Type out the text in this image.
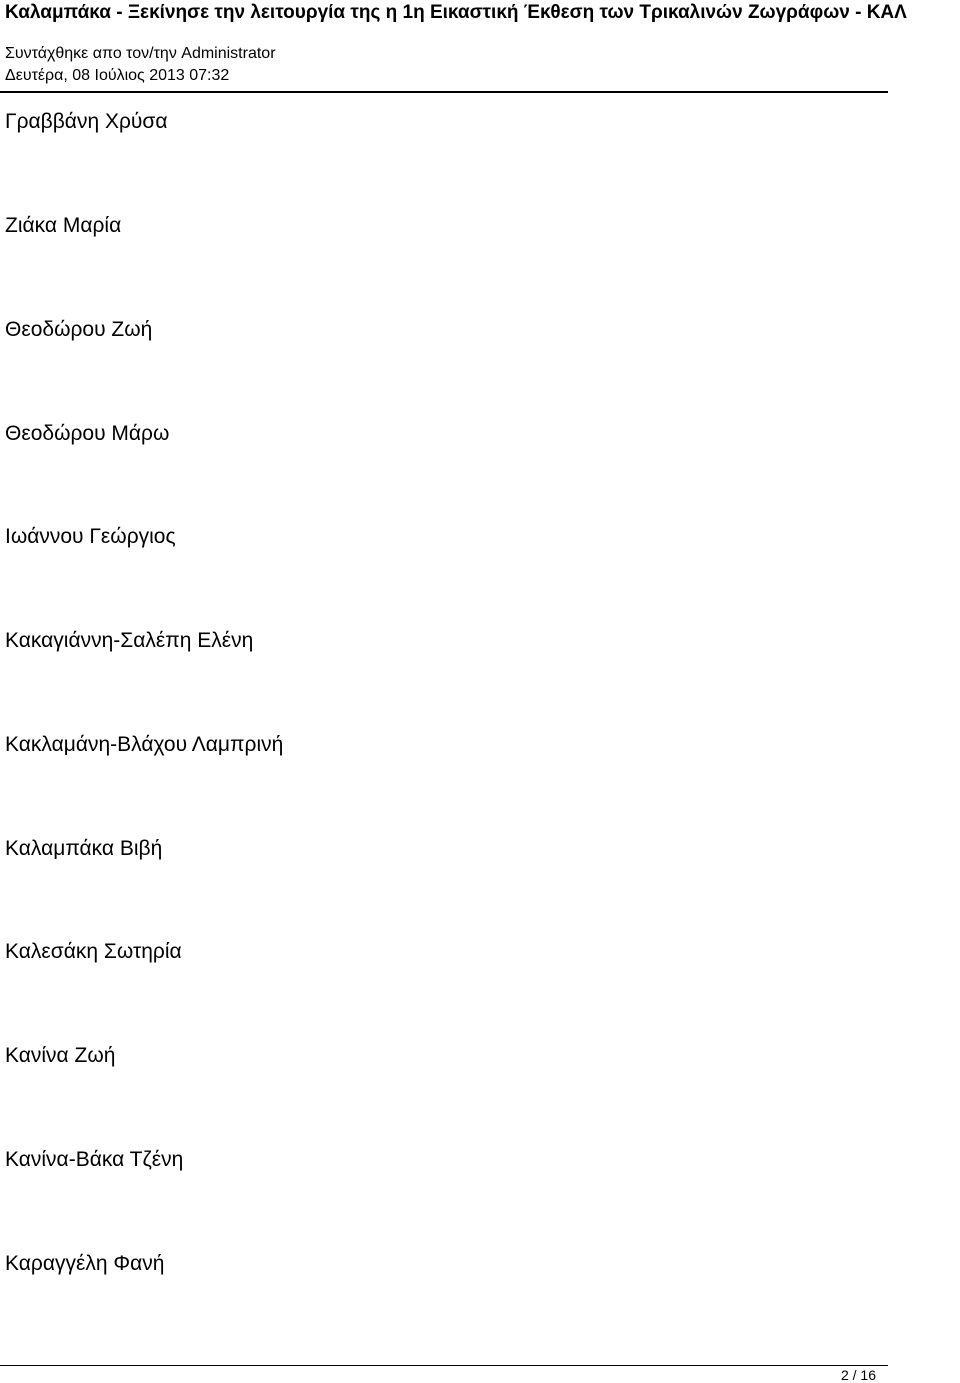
Καλαμπάκα - Ξεκίνησε την λειτουργία της η 1η Εικαστική Έκθεση των Τρικαλινών Ζωγράφων - ΚΑΛ
Συντάχθηκε απο τον/την Administrator
Δευτέρα, 08 Ιούλιος 2013 07:32
Γραββάνη Χρύσα
Ζιάκα Μαρία
Θεοδώρου Ζωή
Θεοδώρου Μάρω
Ιωάννου Γεώργιος
Κακαγιάννη-Σαλέπη Ελένη
Κακλαμάνη-Βλάχου Λαμπρινή
Καλαμπάκα Βιβή
Καλεσάκη Σωτηρία
Κανίνα Ζωή
Κανίνα-Βάκα Τζένη
Καραγγέλη Φανή
2 / 16
